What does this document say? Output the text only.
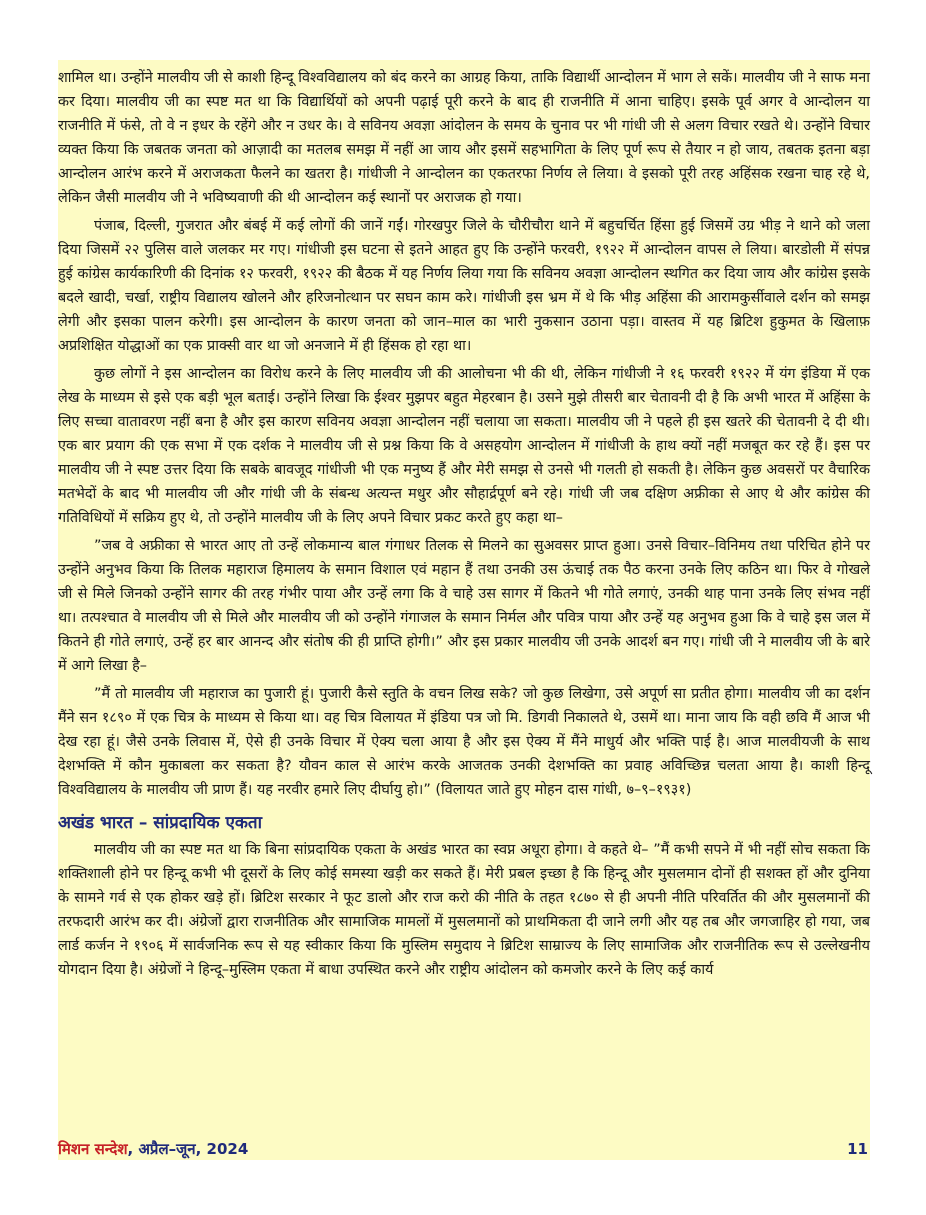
शामिल था। उन्होंने मालवीय जी से काशी हिन्दू विश्वविद्यालय को बंद करने का आग्रह किया, ताकि विद्यार्थी आन्दोलन में भाग ले सकें। मालवीय जी ने साफ मना कर दिया। मालवीय जी का स्पष्ट मत था कि विद्यार्थियों को अपनी पढ़ाई पूरी करने के बाद ही राजनीति में आना चाहिए। इसके पूर्व अगर वे आन्दोलन या राजनीति में फंसे, तो वे न इधर के रहेंगे और न उधर के। वे सविनय अवज्ञा आंदोलन के समय के चुनाव पर भी गांधी जी से अलग विचार रखते थे। उन्होंने विचार व्यक्त किया कि जबतक जनता को आज़ादी का मतलब समझ में नहीं आ जाय और इसमें सहभागिता के लिए पूर्ण रूप से तैयार न हो जाय, तबतक इतना बड़ा आन्दोलन आरंभ करने में अराजकता फैलने का खतरा है। गांधीजी ने आन्दोलन का एकतरफा निर्णय ले लिया। वे इसको पूरी तरह अहिंसक रखना चाह रहे थे, लेकिन जैसी मालवीय जी ने भविष्यवाणी की थी आन्दोलन कई स्थानों पर अराजक हो गया।

पंजाब, दिल्ली, गुजरात और बंबई में कई लोगों की जानें गईं। गोरखपुर जिले के चौरीचौरा थाने में बहुचर्चित हिंसा हुई जिसमें उग्र भीड़ ने थाने को जला दिया जिसमें २२ पुलिस वाले जलकर मर गए। गांधीजी इस घटना से इतने आहत हुए कि उन्होंने फरवरी, १९२२ में आन्दोलन वापस ले लिया। बारडोली में संपन्न हुई कांग्रेस कार्यकारिणी की दिनांक १२ फरवरी, १९२२ की बैठक में यह निर्णय लिया गया कि सविनय अवज्ञा आन्दोलन स्थगित कर दिया जाय और कांग्रेस इसके बदले खादी, चर्खा, राष्ट्रीय विद्यालय खोलने और हरिजनोत्थान पर सघन काम करे। गांधीजी इस भ्रम में थे कि भीड़ अहिंसा की आरामकुर्सीवाले दर्शन को समझ लेगी और इसका पालन करेगी। इस आन्दोलन के कारण जनता को जान–माल का भारी नुकसान उठाना पड़ा। वास्तव में यह ब्रिटिश हुकुमत के खिलाफ़ अप्रशिक्षित योद्धाओं का एक प्राक्सी वार था जो अनजाने में ही हिंसक हो रहा था।

कुछ लोगों ने इस आन्दोलन का विरोध करने के लिए मालवीय जी की आलोचना भी की थी, लेकिन गांधीजी ने १६ फरवरी १९२२ में यंग इंडिया में एक लेख के माध्यम से इसे एक बड़ी भूल बताई। उन्होंने लिखा कि ईश्वर मुझपर बहुत मेहरबान है। उसने मुझे तीसरी बार चेतावनी दी है कि अभी भारत में अहिंसा के लिए सच्चा वातावरण नहीं बना है और इस कारण सविनय अवज्ञा आन्दोलन नहीं चलाया जा सकता। मालवीय जी ने पहले ही इस खतरे की चेतावनी दे दी थी। एक बार प्रयाग की एक सभा में एक दर्शक ने मालवीय जी से प्रश्न किया कि वे असहयोग आन्दोलन में गांधीजी के हाथ क्यों नहीं मजबूत कर रहे हैं। इस पर मालवीय जी ने स्पष्ट उत्तर दिया कि सबके बावजूद गांधीजी भी एक मनुष्य हैं और मेरी समझ से उनसे भी गलती हो सकती है। लेकिन कुछ अवसरों पर वैचारिक मतभेदों के बाद भी मालवीय जी और गांधी जी के संबन्ध अत्यन्त मधुर और सौहार्द्रपूर्ण बने रहे। गांधी जी जब दक्षिण अफ्रीका से आए थे और कांग्रेस की गतिविधियों में सक्रिय हुए थे, तो उन्होंने मालवीय जी के लिए अपने विचार प्रकट करते हुए कहा था–

”जब वे अफ्रीका से भारत आए तो उन्हें लोकमान्य बाल गंगाधर तिलक से मिलने का सुअवसर प्राप्त हुआ। उनसे विचार–विनिमय तथा परिचित होने पर उन्होंने अनुभव किया कि तिलक महाराज हिमालय के समान विशाल एवं महान हैं तथा उनकी उस ऊंचाई तक पैठ करना उनके लिए कठिन था। फिर वे गोखले जी से मिले जिनको उन्होंने सागर की तरह गंभीर पाया और उन्हें लगा कि वे चाहे उस सागर में कितने भी गोते लगाएं, उनकी थाह पाना उनके लिए संभव नहीं था। तत्पश्चात वे मालवीय जी से मिले और मालवीय जी को उन्होंने गंगाजल के समान निर्मल और पवित्र पाया और उन्हें यह अनुभव हुआ कि वे चाहे इस जल में कितने ही गोते लगाएं, उन्हें हर बार आनन्द और संतोष की ही प्राप्ति होगी।” और इस प्रकार मालवीय जी उनके आदर्श बन गए। गांधी जी ने मालवीय जी के बारे में आगे लिखा है–

”मैं तो मालवीय जी महाराज का पुजारी हूं। पुजारी कैसे स्तुति के वचन लिख सके? जो कुछ लिखेगा, उसे अपूर्ण सा प्रतीत होगा। मालवीय जी का दर्शन मैंने सन १८९० में एक चित्र के माध्यम से किया था। वह चित्र विलायत में इंडिया पत्र जो मि. डिगवी निकालते थे, उसमें था। माना जाय कि वही छवि मैं आज भी देख रहा हूं। जैसे उनके लिवास में, ऐसे ही उनके विचार में ऐक्य चला आया है और इस ऐक्य में मैंने माधुर्य और भक्ति पाई है। आज मालवीयजी के साथ देशभक्ति में कौन मुकाबला कर सकता है? यौवन काल से आरंभ करके आजतक उनकी देशभक्ति का प्रवाह अविच्छिन्न चलता आया है। काशी हिन्दू विश्वविद्यालय के मालवीय जी प्राण हैं। यह नरवीर हमारे लिए दीर्घायु हो।” (विलायत जाते हुए मोहन दास गांधी, ७–९–१९३१)

अखंड भारत – सांप्रदायिक एकता

मालवीय जी का स्पष्ट मत था कि बिना सांप्रदायिक एकता के अखंड भारत का स्वप्न अधूरा होगा। वे कहते थे– ”मैं कभी सपने में भी नहीं सोच सकता कि शक्तिशाली होने पर हिन्दू कभी भी दूसरों के लिए कोई समस्या खड़ी कर सकते हैं। मेरी प्रबल इच्छा है कि हिन्दू और मुसलमान दोनों ही सशक्त हों और दुनिया के सामने गर्व से एक होकर खड़े हों। ब्रिटिश सरकार ने फूट डालो और राज करो की नीति के तहत १८७० से ही अपनी नीति परिवर्तित की और मुसलमानों की तरफदारी आरंभ कर दी। अंग्रेजों द्वारा राजनीतिक और सामाजिक मामलों में मुसलमानों को प्राथमिकता दी जाने लगी और यह तब और जगजाहिर हो गया, जब लार्ड कर्जन ने १९०६ में सार्वजनिक रूप से यह स्वीकार किया कि मुस्लिम समुदाय ने ब्रिटिश साम्राज्य के लिए सामाजिक और राजनीतिक रूप से उल्लेखनीय योगदान दिया है। अंग्रेजों ने हिन्दू–मुस्लिम एकता में बाधा उपस्थित करने और राष्ट्रीय आंदोलन को कमजोर करने के लिए कई कार्य

मिशन सन्देश, अप्रैल–जून, 2024	11
